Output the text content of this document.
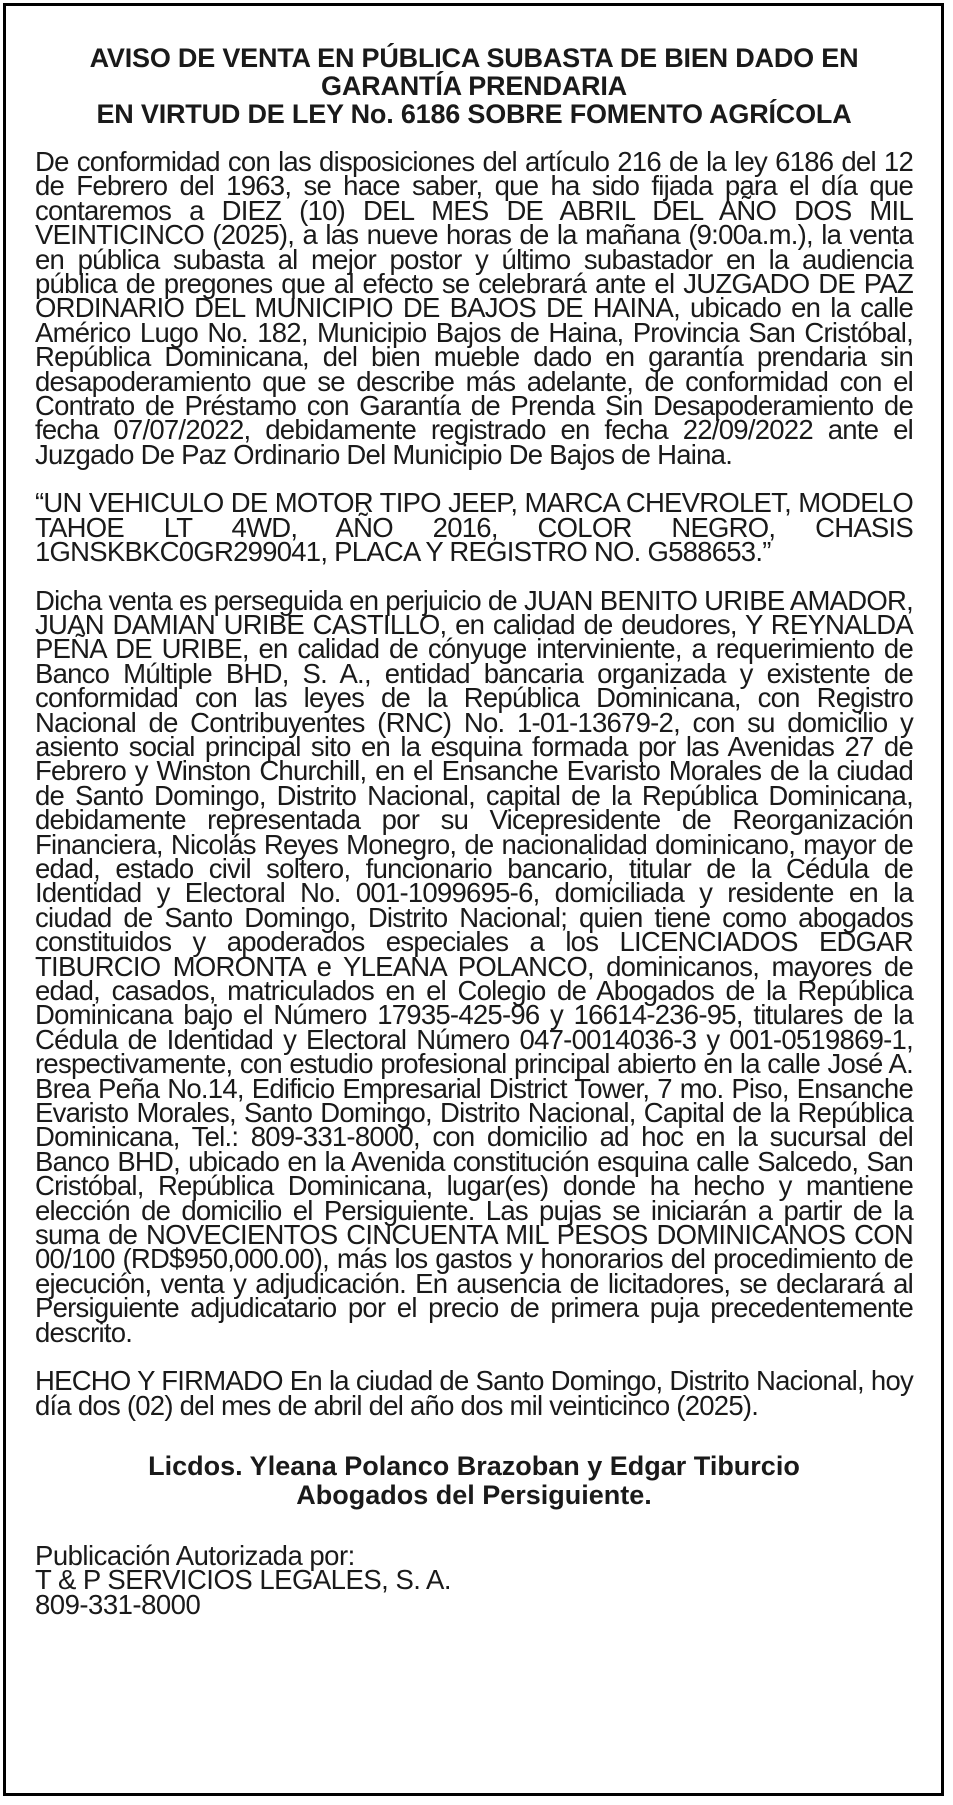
AVISO DE VENTA EN PÚBLICA SUBASTA DE BIEN DADO EN
GARANTÍA PRENDARIA
EN VIRTUD DE LEY No. 6186 SOBRE FOMENTO AGRÍCOLA

De conformidad con las disposiciones del artículo 216 de la ley 6186 del 12 de Febrero del 1963, se hace saber, que ha sido fijada para el día que contaremos a DIEZ (10) DEL MES DE ABRIL DEL AÑO DOS MIL VEINTICINCO (2025), a las nueve horas de la mañana (9:00a.m.), la venta en pública subasta al mejor postor y último subastador en la audiencia pública de pregones que al efecto se celebrará ante el JUZGADO DE PAZ ORDINARIO DEL MUNICIPIO DE BAJOS DE HAINA, ubicado en la calle Américo Lugo No. 182, Municipio Bajos de Haina, Provincia San Cristóbal, República Dominicana, del bien mueble dado en garantía prendaria sin desapoderamiento que se describe más adelante, de conformidad con el Contrato de Préstamo con Garantía de Prenda Sin Desapoderamiento de fecha 07/07/2022, debidamente registrado en fecha 22/09/2022 ante el Juzgado De Paz Ordinario Del Municipio De Bajos de Haina.

“UN VEHICULO DE MOTOR TIPO JEEP, MARCA CHEVROLET, MODELO TAHOE LT 4WD, AÑO 2016, COLOR NEGRO, CHASIS 1GNSKBKC0GR299041, PLACA Y REGISTRO NO. G588653.”

Dicha venta es perseguida en perjuicio de JUAN BENITO URIBE AMADOR, JUAN DAMIAN URIBE CASTILLO, en calidad de deudores, Y REYNALDA PEÑA DE URIBE, en calidad de cónyuge interviniente, a requerimiento de Banco Múltiple BHD, S. A., entidad bancaria organizada y existente de conformidad con las leyes de la República Dominicana, con Registro Nacional de Contribuyentes (RNC) No. 1-01-13679-2, con su domicilio y asiento social principal sito en la esquina formada por las Avenidas 27 de Febrero y Winston Churchill, en el Ensanche Evaristo Morales de la ciudad de Santo Domingo, Distrito Nacional, capital de la República Dominicana, debidamente representada por su Vicepresidente de Reorganización Financiera, Nicolás Reyes Monegro, de nacionalidad dominicano, mayor de edad, estado civil soltero, funcionario bancario, titular de la Cédula de Identidad y Electoral No. 001-1099695-6, domiciliada y residente en la ciudad de Santo Domingo, Distrito Nacional; quien tiene como abogados constituidos y apoderados especiales a los LICENCIADOS EDGAR TIBURCIO MORONTA e YLEANA POLANCO, dominicanos, mayores de edad, casados, matriculados en el Colegio de Abogados de la República Dominicana bajo el Número 17935-425-96 y 16614-236-95, titulares de la Cédula de Identidad y Electoral Número 047-0014036-3 y 001-0519869-1, respectivamente, con estudio profesional principal abierto en la calle José A. Brea Peña No.14, Edificio Empresarial District Tower, 7 mo. Piso, Ensanche Evaristo Morales, Santo Domingo, Distrito Nacional, Capital de la República Dominicana, Tel.: 809-331-8000, con domicilio ad hoc en la sucursal del Banco BHD, ubicado en la Avenida constitución esquina calle Salcedo, San Cristóbal, República Dominicana, lugar(es) donde ha hecho y mantiene elección de domicilio el Persiguiente. Las pujas se iniciarán a partir de la suma de NOVECIENTOS CINCUENTA MIL PESOS DOMINICANOS CON 00/100 (RD$950,000.00), más los gastos y honorarios del procedimiento de ejecución, venta y adjudicación. En ausencia de licitadores, se declarará al Persiguiente adjudicatario por el precio de primera puja precedentemente descrito.

HECHO Y FIRMADO En la ciudad de Santo Domingo, Distrito Nacional, hoy día dos (02) del mes de abril del año dos mil veinticinco (2025).

Licdos. Yleana Polanco Brazoban y Edgar Tiburcio
Abogados del Persiguiente.
Publicación Autorizada por:
T & P SERVICIOS LEGALES, S. A.
809-331-8000
